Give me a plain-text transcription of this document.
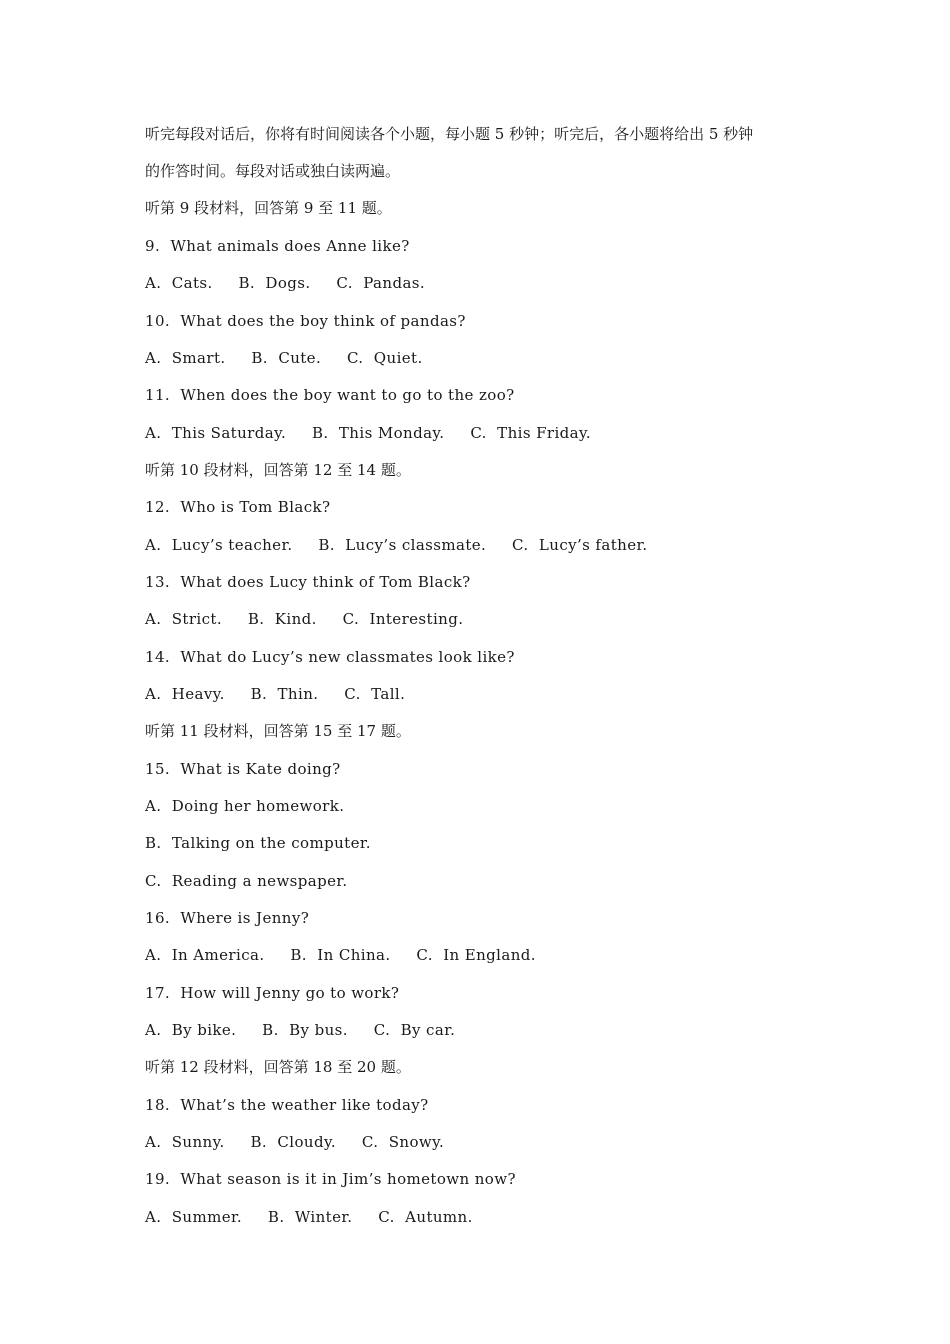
听完每段对话后，你将有时间阅读各个小题，每小题 5 秒钟；听完后，各小题将给出 5 秒钟
的作答时间。每段对话或独白读两遍。
听第 9 段材料，回答第 9 至 11 题。
9.  What animals does Anne like?
A.  Cats.     B.  Dogs.     C.  Pandas.
10.  What does the boy think of pandas?
A.  Smart.     B.  Cute.     C.  Quiet.
11.  When does the boy want to go to the zoo?
A.  This Saturday.     B.  This Monday.     C.  This Friday.
听第 10 段材料，回答第 12 至 14 题。
12.  Who is Tom Black?
A.  Lucy’s teacher.     B.  Lucy’s classmate.     C.  Lucy’s father.
13.  What does Lucy think of Tom Black?
A.  Strict.     B.  Kind.     C.  Interesting.
14.  What do Lucy’s new classmates look like?
A.  Heavy.     B.  Thin.     C.  Tall.
听第 11 段材料，回答第 15 至 17 题。
15.  What is Kate doing?
A.  Doing her homework.
B.  Talking on the computer.
C.  Reading a newspaper.
16.  Where is Jenny?
A.  In America.     B.  In China.     C.  In England.
17.  How will Jenny go to work?
A.  By bike.     B.  By bus.     C.  By car.
听第 12 段材料，回答第 18 至 20 题。
18.  What’s the weather like today?
A.  Sunny.     B.  Cloudy.     C.  Snowy.
19.  What season is it in Jim’s hometown now?
A.  Summer.     B.  Winter.     C.  Autumn.
